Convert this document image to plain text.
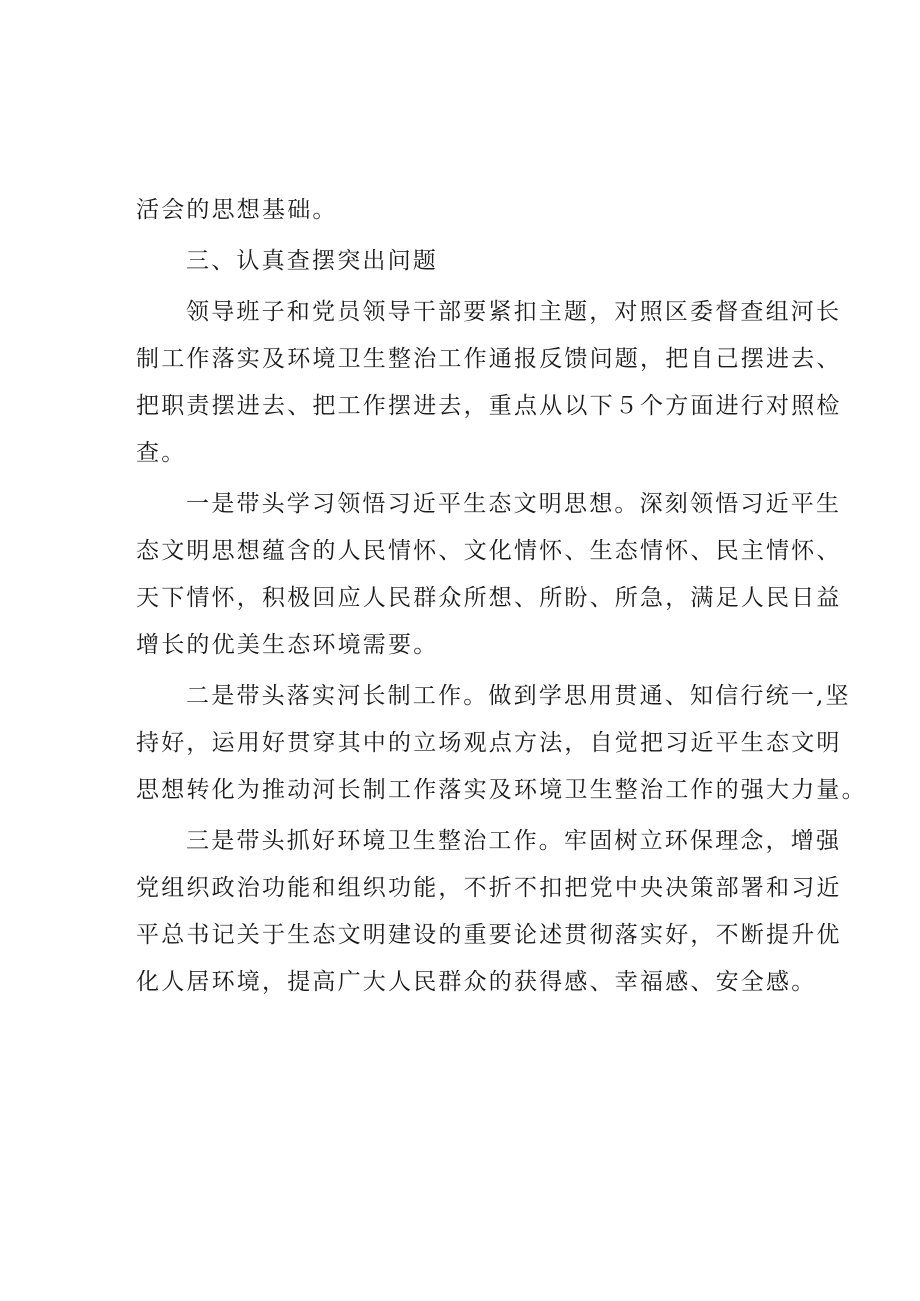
活会的思想基础。
三、认真查摆突出问题
领导班子和党员领导干部要紧扣主题，对照区委督查组河长
制工作落实及环境卫生整治工作通报反馈问题，把自己摆进去、
把职责摆进去、把工作摆进去，重点从以下５个方面进行对照检
查。
一是带头学习领悟习近平生态文明思想。深刻领悟习近平生
态文明思想蕴含的人民情怀、文化情怀、生态情怀、民主情怀、
天下情怀，积极回应人民群众所想、所盼、所急，满足人民日益
增长的优美生态环境需要。
二是带头落实河长制工作。做到学思用贯通、知信行统一,坚
持好，运用好贯穿其中的立场观点方法，自觉把习近平生态文明
思想转化为推动河长制工作落实及环境卫生整治工作的强大力量。
三是带头抓好环境卫生整治工作。牢固树立环保理念，增强
党组织政治功能和组织功能，不折不扣把党中央决策部署和习近
平总书记关于生态文明建设的重要论述贯彻落实好，不断提升优
化人居环境，提高广大人民群众的获得感、幸福感、安全感。
